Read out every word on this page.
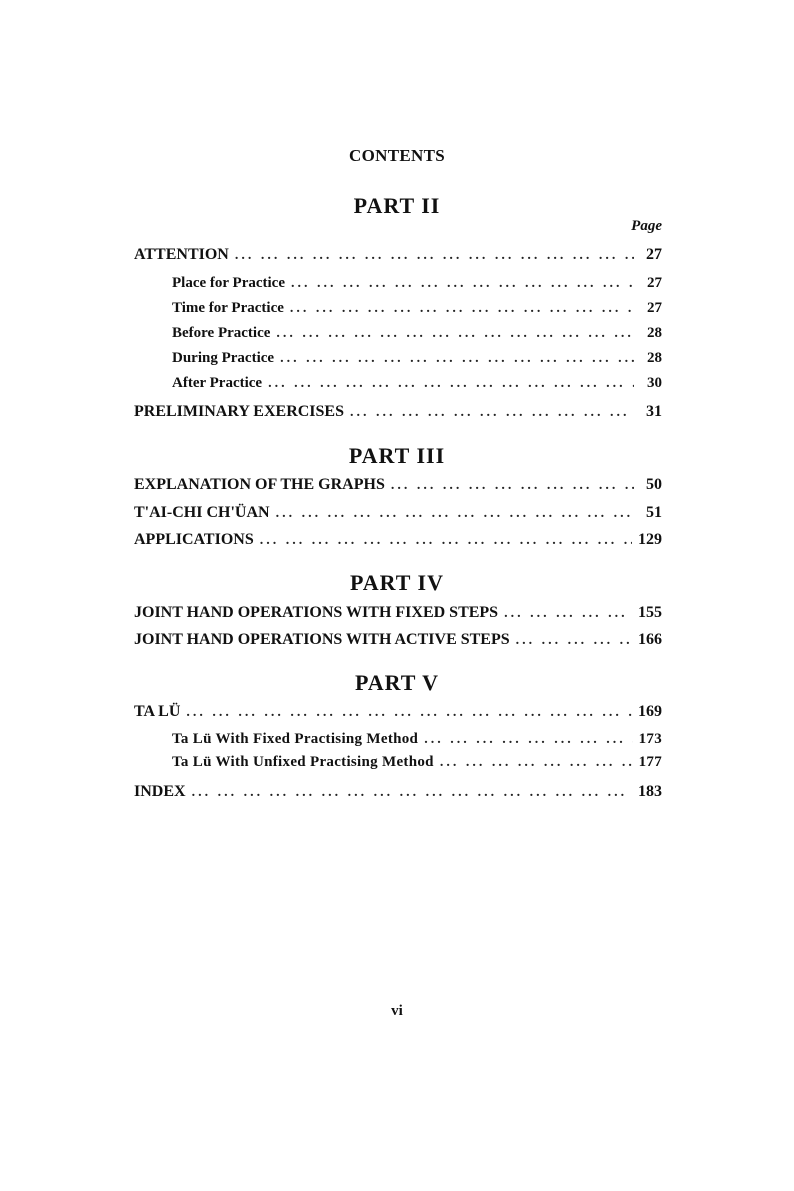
CONTENTS
PART II
Page
ATTENTION ... .	27
Place for Practice ... .	27
Time for Practice ... .	27
Before Practice ... .	28
During Practice ... .	28
After Practice ... .	30
PRELIMINARY EXERCISES ... .	31
PART III
EXPLANATION OF THE GRAPHS ... .	50
T'AI-CHI CH'ÜAN ... .	51
APPLICATIONS ... .	129
PART IV
JOINT HAND OPERATIONS WITH FIXED STEPS ... .	155
JOINT HAND OPERATIONS WITH ACTIVE STEPS ... .	166
PART V
TA LÜ ... .	169
Ta Lü With Fixed Practising Method ... .	173
Ta Lü With Unfixed Practising Method ... .	177
INDEX ... .	183
vi
